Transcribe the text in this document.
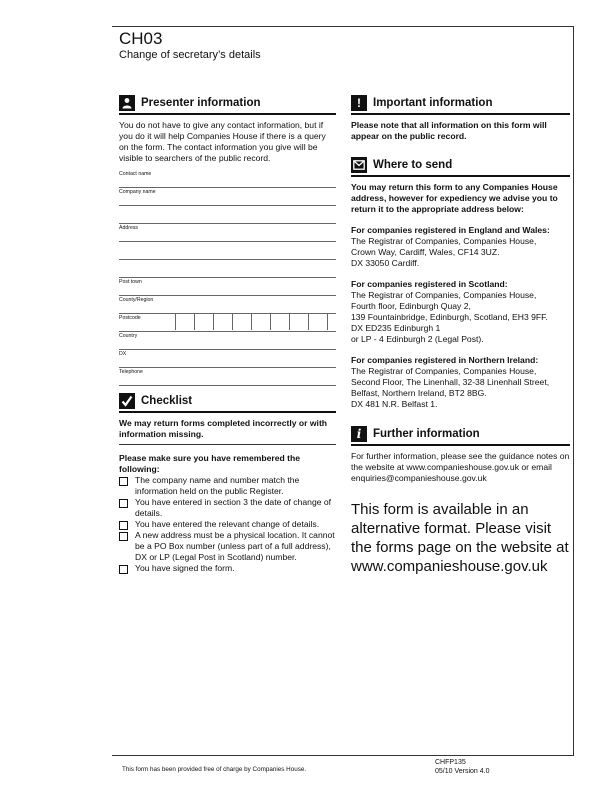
CH03
Change of secretary’s details
Presenter information

You do not have to give any contact information, but if you do it will help Companies House if there is a query on the form. The contact information you give will be visible to searchers of the public record.

Contact name
Company name
Address
Post town
County/Region
Postcode
Country
DX
Telephone
Checklist

We may return forms completed incorrectly or with information missing.

Please make sure you have remembered the following:

The company name and number match the information held on the public Register.
You have entered in section 3 the date of change of details.
You have entered the relevant change of details.
A new address must be a physical location. It cannot be a PO Box number (unless part of a full address), DX or LP (Legal Post in Scotland) number.
You have signed the form.
!	Important information

Please note that all information on this form will appear on the public record.

Where to send

You may return this form to any Companies House address, however for expediency we advise you to return it to the appropriate address below:

For companies registered in England and Wales:
The Registrar of Companies, Companies House,
Crown Way, Cardiff, Wales, CF14 3UZ.
DX 33050 Cardiff.
For companies registered in Scotland:
The Registrar of Companies, Companies House,
Fourth floor, Edinburgh Quay 2,
139 Fountainbridge, Edinburgh, Scotland, EH3 9FF.
DX ED235 Edinburgh 1
or LP - 4 Edinburgh 2 (Legal Post).
For companies registered in Northern Ireland:
The Registrar of Companies, Companies House,
Second Floor, The Linenhall, 32-38 Linenhall Street,
Belfast, Northern Ireland, BT2 8BG.
DX 481 N.R. Belfast 1.
i	Further information

For further information, please see the guidance notes on the website at www.companieshouse.gov.uk or email enquiries@companieshouse.gov.uk

This form is available in an alternative format. Please visit the forms page on the website at www.companieshouse.gov.uk

This form has been provided free of charge by Companies House.
CHFP135
05/10 Version 4.0
